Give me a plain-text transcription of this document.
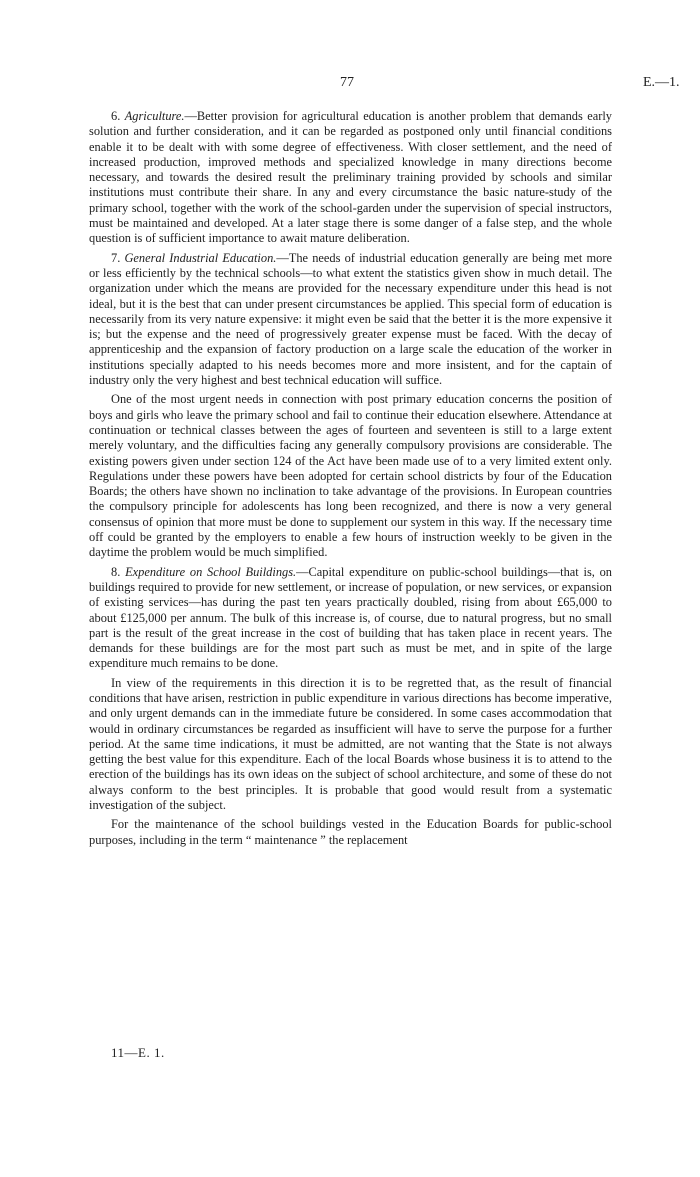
77	E.—1.

6. Agriculture.—Better provision for agricultural education is another problem that demands early solution and further consideration, and it can be regarded as postponed only until financial conditions enable it to be dealt with with some degree of effectiveness. With closer settlement, and the need of increased production, improved methods and specialized knowledge in many directions become necessary, and towards the desired result the preliminary training provided by schools and similar institutions must contribute their share. In any and every circumstance the basic nature-study of the primary school, together with the work of the school-garden under the supervision of special instructors, must be maintained and developed. At a later stage there is some danger of a false step, and the whole question is of sufficient importance to await mature deliberation.

7. General Industrial Education.—The needs of industrial education generally are being met more or less efficiently by the technical schools—to what extent the statistics given show in much detail. The organization under which the means are provided for the necessary expenditure under this head is not ideal, but it is the best that can under present circumstances be applied. This special form of education is necessarily from its very nature expensive: it might even be said that the better it is the more expensive it is; but the expense and the need of progressively greater expense must be faced. With the decay of apprenticeship and the expansion of factory production on a large scale the education of the worker in institutions specially adapted to his needs becomes more and more insistent, and for the captain of industry only the very highest and best technical education will suffice.

One of the most urgent needs in connection with post primary education concerns the position of boys and girls who leave the primary school and fail to continue their education elsewhere. Attendance at continuation or technical classes between the ages of fourteen and seventeen is still to a large extent merely voluntary, and the difficulties facing any generally compulsory provisions are considerable. The existing powers given under section 124 of the Act have been made use of to a very limited extent only. Regulations under these powers have been adopted for certain school districts by four of the Education Boards; the others have shown no inclination to take advantage of the provisions. In European countries the compulsory principle for adolescents has long been recognized, and there is now a very general consensus of opinion that more must be done to supplement our system in this way. If the necessary time off could be granted by the employers to enable a few hours of instruction weekly to be given in the daytime the problem would be much simplified.

8. Expenditure on School Buildings.—Capital expenditure on public-school buildings—that is, on buildings required to provide for new settlement, or increase of population, or new services, or expansion of existing services—has during the past ten years practically doubled, rising from about £65,000 to about £125,000 per annum. The bulk of this increase is, of course, due to natural progress, but no small part is the result of the great increase in the cost of building that has taken place in recent years. The demands for these buildings are for the most part such as must be met, and in spite of the large expenditure much remains to be done.

In view of the requirements in this direction it is to be regretted that, as the result of financial conditions that have arisen, restriction in public expenditure in various directions has become imperative, and only urgent demands can in the immediate future be considered. In some cases accommodation that would in ordinary circumstances be regarded as insufficient will have to serve the purpose for a further period. At the same time indications, it must be admitted, are not wanting that the State is not always getting the best value for this expenditure. Each of the local Boards whose business it is to attend to the erection of the buildings has its own ideas on the subject of school architecture, and some of these do not always conform to the best principles. It is probable that good would result from a systematic investigation of the subject.

For the maintenance of the school buildings vested in the Education Boards for public-school purposes, including in the term “ maintenance ” the replacement

11—E. 1.
